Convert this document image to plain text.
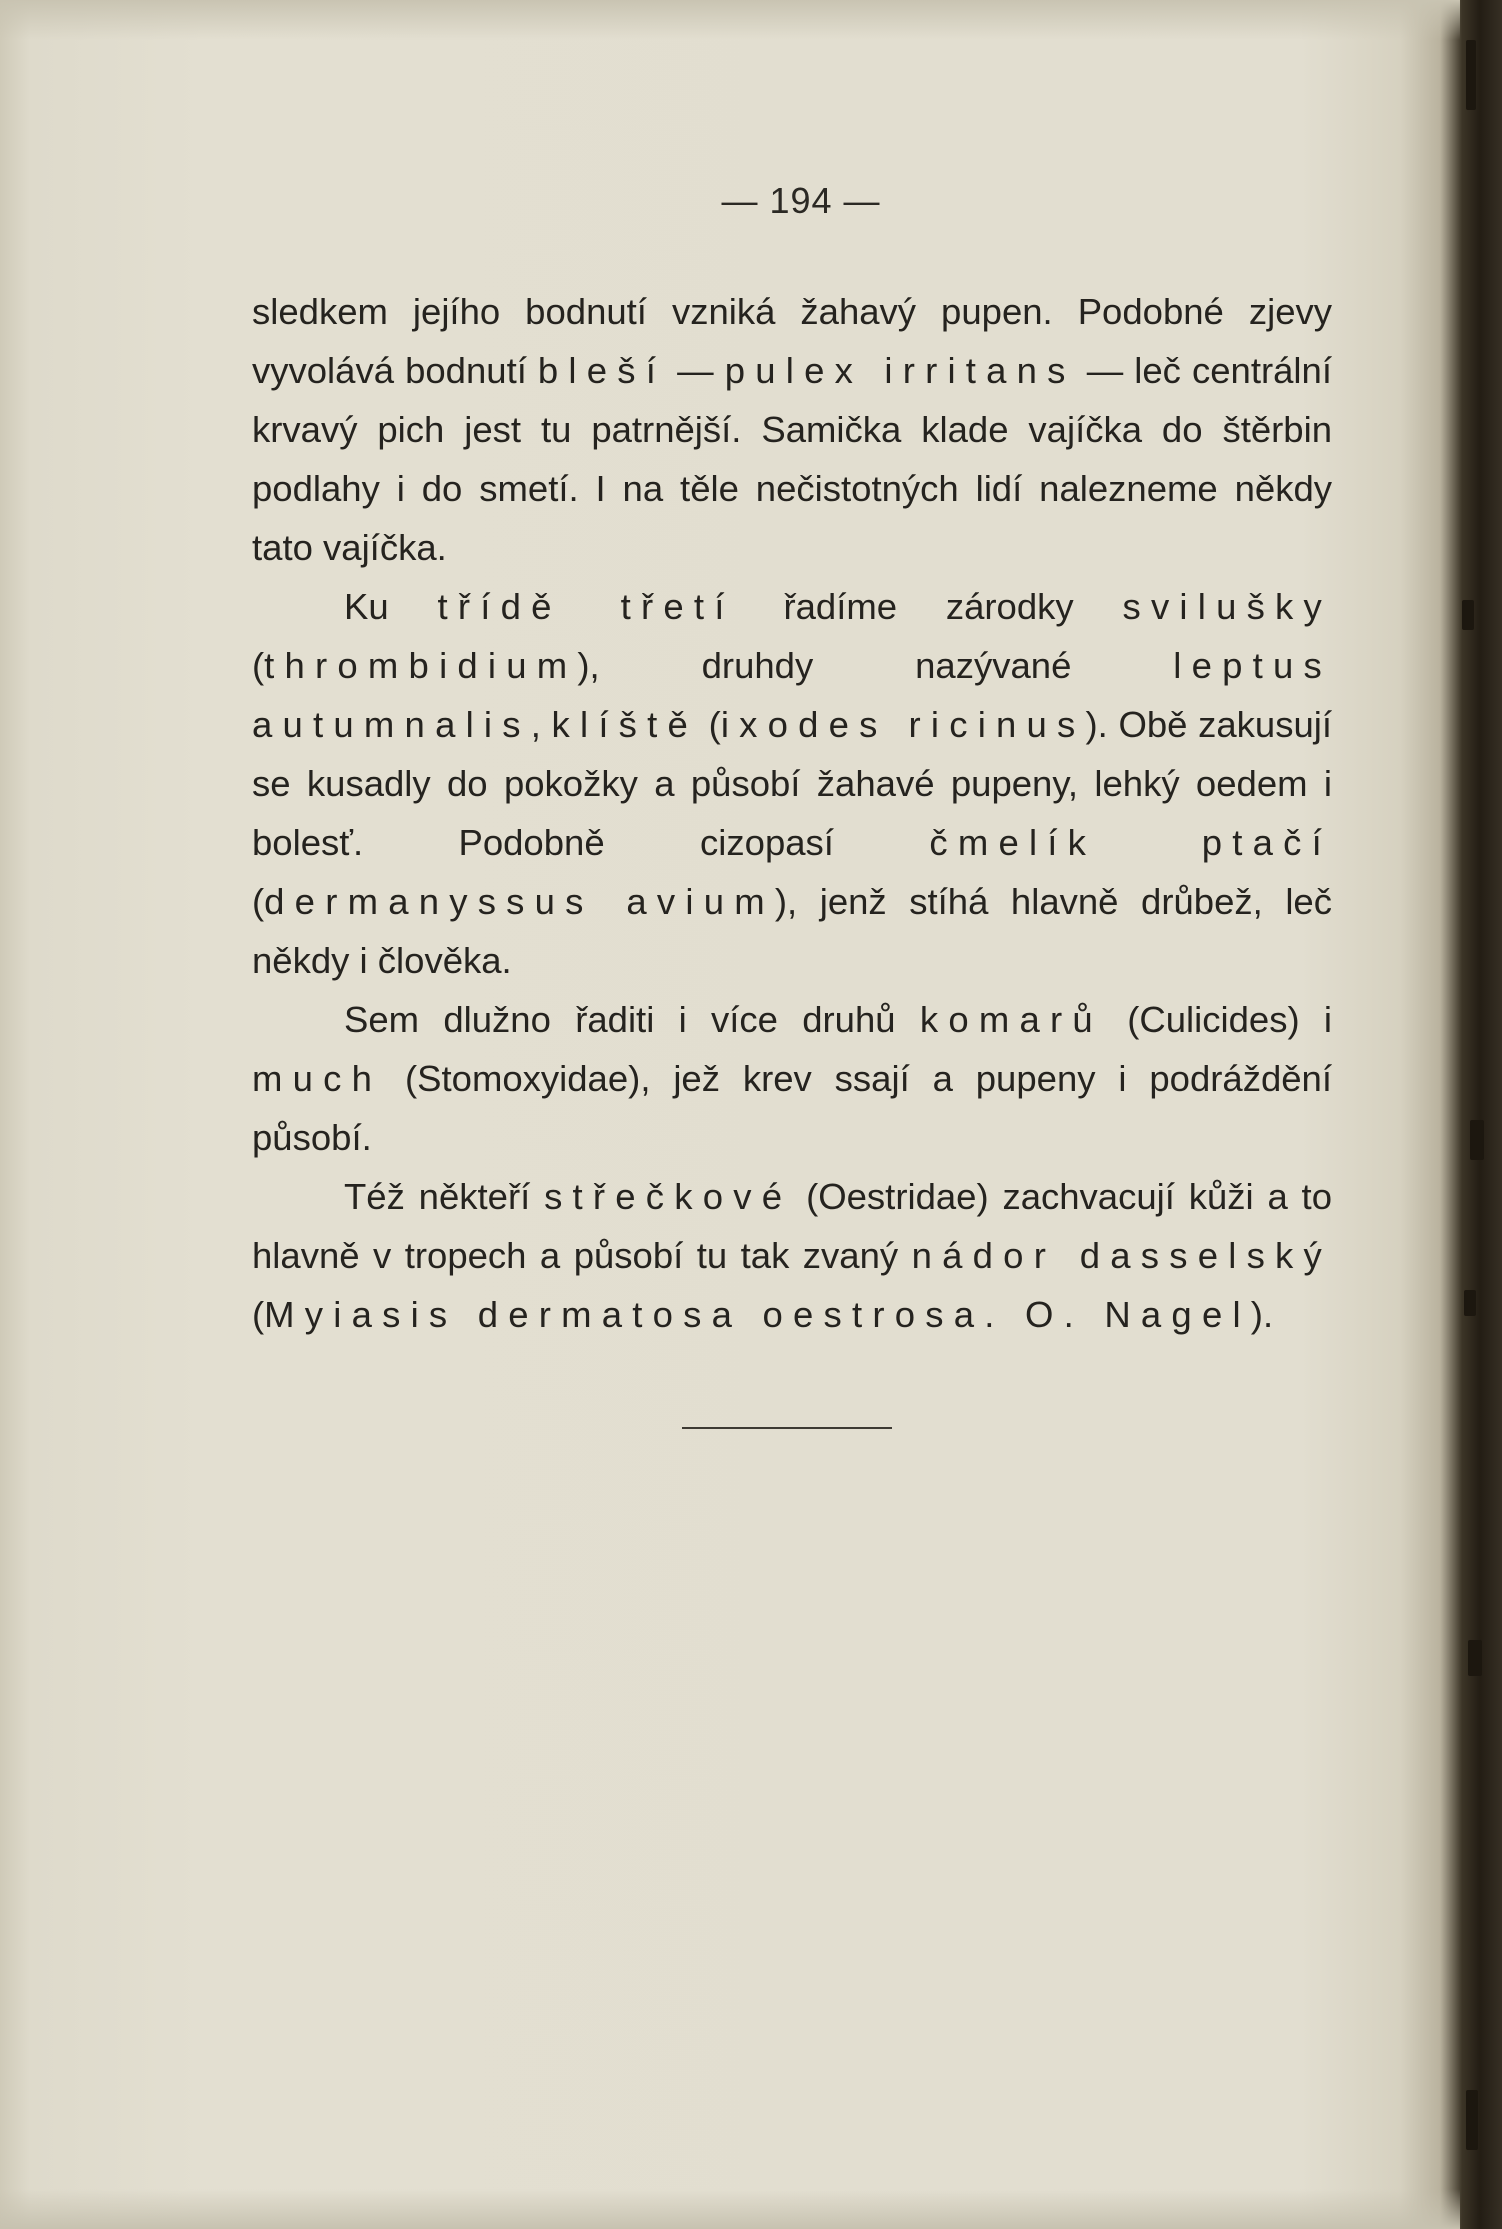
— 194 —

sledkem jejího bodnutí vzniká žahavý pupen. Podobné zjevy vyvolává bodnutí bleší — pulex irritans — leč centrální krvavý pich jest tu patrnější. Samička klade vajíčka do štěrbin podlahy i do smetí. I na těle nečistotných lidí nalezneme někdy tato vajíčka.

Ku třídě třetí řadíme zárodky svilušky (thrombidium), druhdy nazývané leptus autumnalis, klíště (ixodes ricinus). Obě zakusují se kusadly do pokožky a působí žahavé pupeny, lehký oedem i bolesť. Podobně cizopasí čmelík ptačí (dermanyssus avium), jenž stíhá hlavně drůbež, leč někdy i člověka.

Sem dlužno řaditi i více druhů komarů (Culicides) i much (Stomoxyidae), jež krev ssají a pupeny i podráždění působí.

Též někteří střečkové (Oestridae) zachvacují kůži a to hlavně v tropech a působí tu tak zvaný nádor dasselský (Myiasis dermatosa oestrosa. O. Nagel).
